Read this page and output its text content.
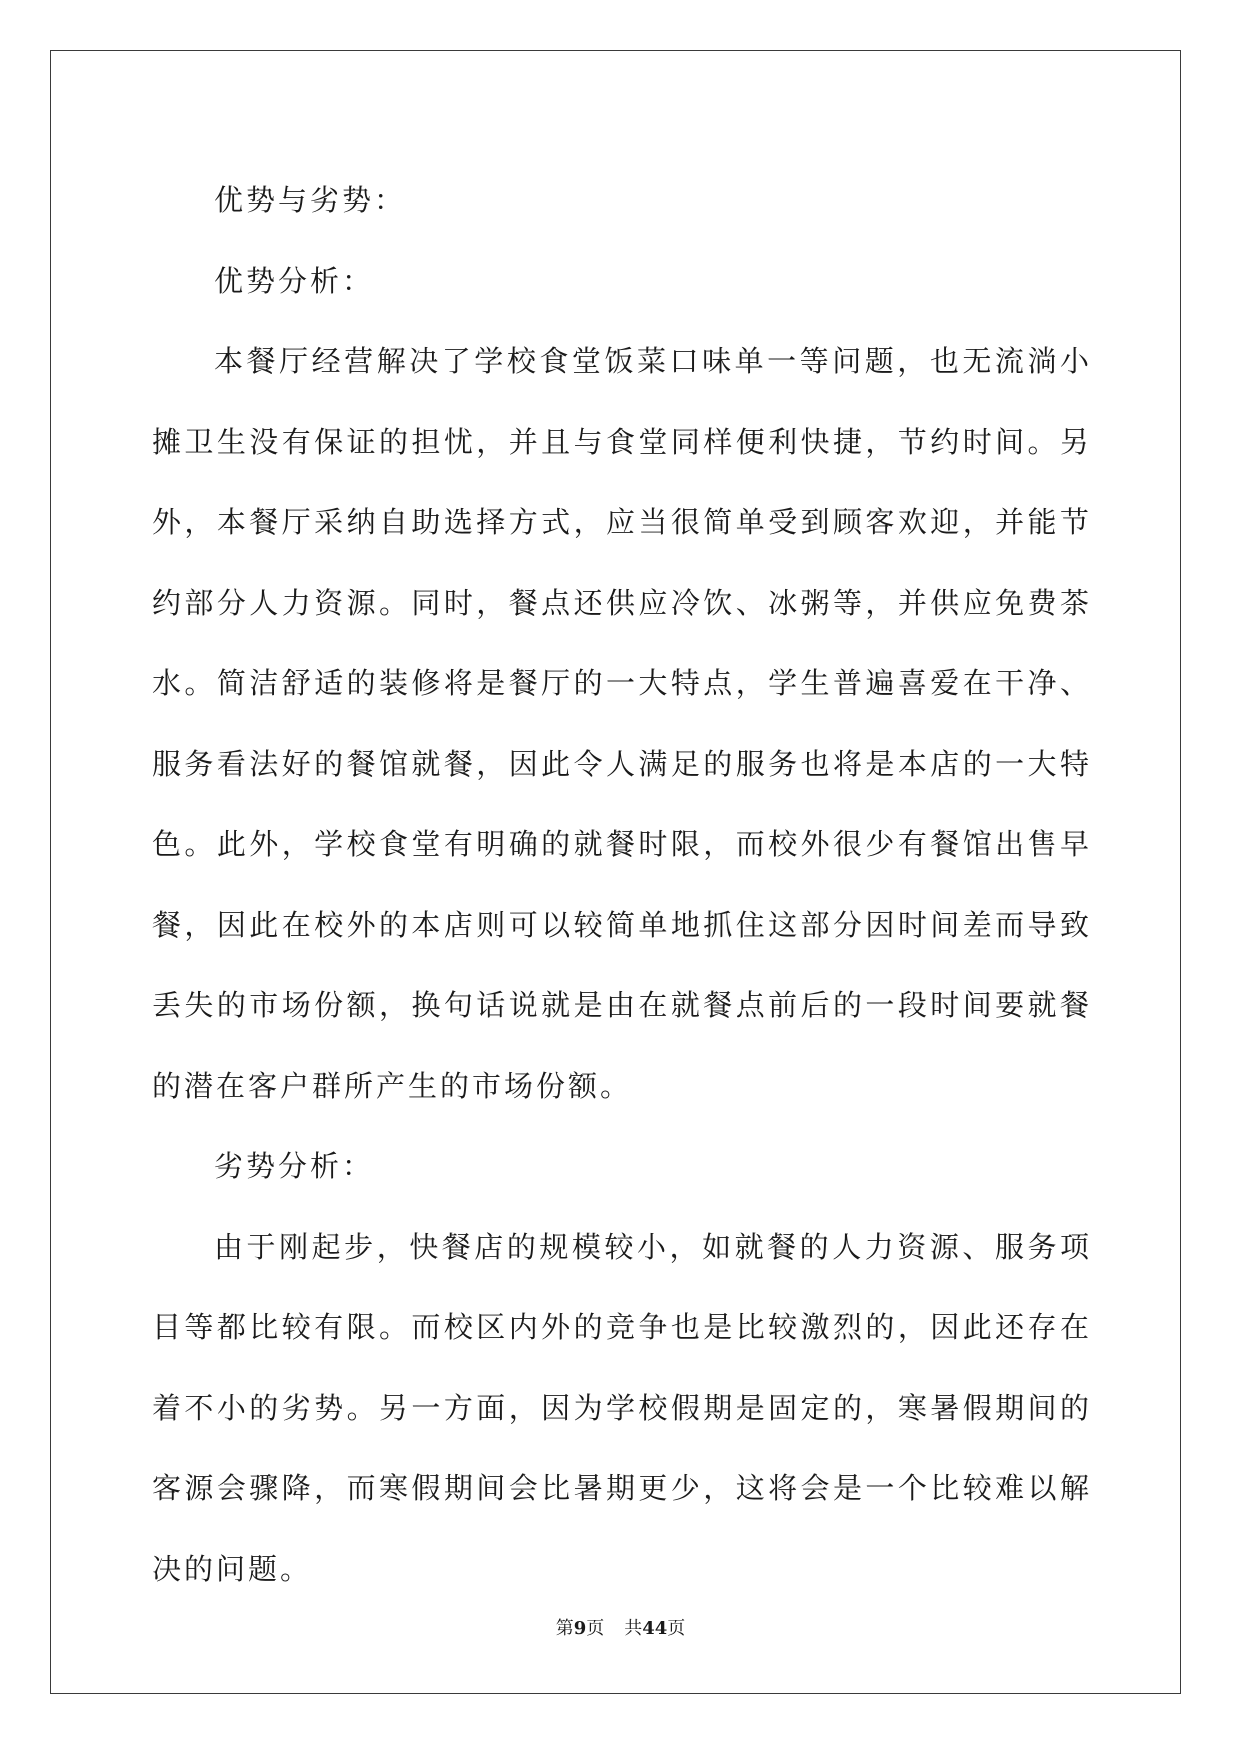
优势与劣势：

优势分析：

本餐厅经营解决了学校食堂饭菜口味单一等问题，也无流淌小摊卫生没有保证的担忧，并且与食堂同样便利快捷，节约时间。另外，本餐厅采纳自助选择方式，应当很简单受到顾客欢迎，并能节约部分人力资源。同时，餐点还供应冷饮、冰粥等，并供应免费茶水。简洁舒适的装修将是餐厅的一大特点，学生普遍喜爱在干净、服务看法好的餐馆就餐，因此令人满足的服务也将是本店的一大特色。此外，学校食堂有明确的就餐时限，而校外很少有餐馆出售早餐，因此在校外的本店则可以较简单地抓住这部分因时间差而导致丢失的市场份额，换句话说就是由在就餐点前后的一段时间要就餐的潜在客户群所产生的市场份额。

劣势分析：

由于刚起步，快餐店的规模较小，如就餐的人力资源、服务项目等都比较有限。而校区内外的竞争也是比较激烈的，因此还存在着不小的劣势。另一方面，因为学校假期是固定的，寒暑假期间的客源会骤降，而寒假期间会比暑期更少，这将会是一个比较难以解决的问题。

第9页 共44页
